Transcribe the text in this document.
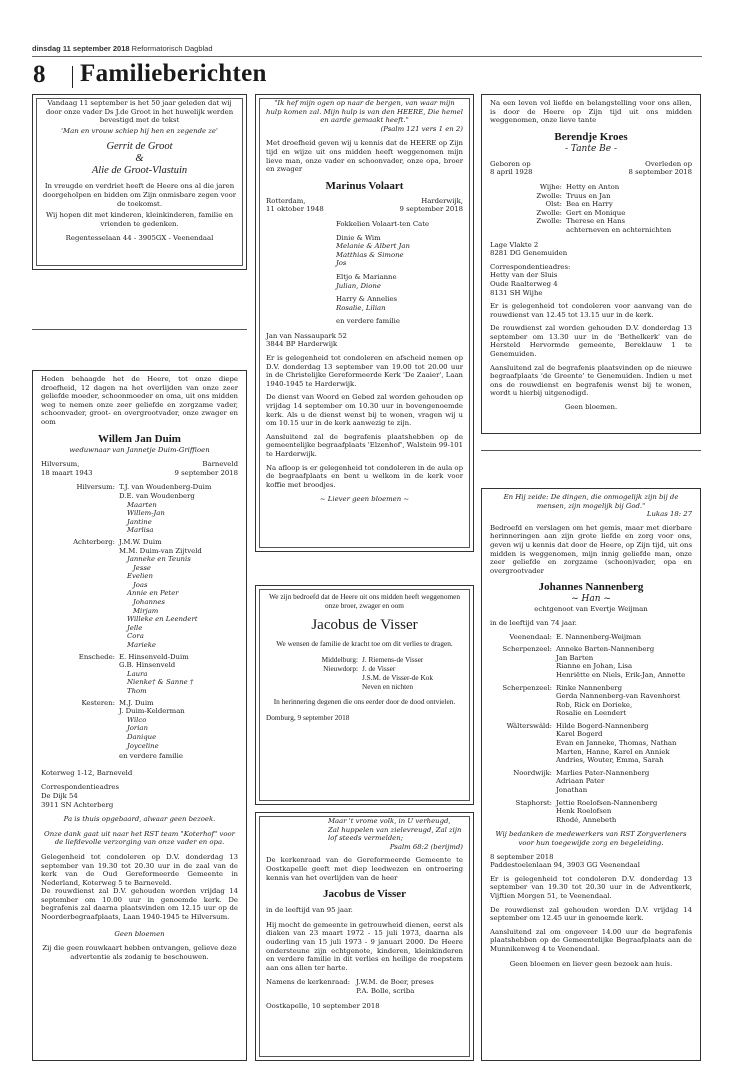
dinsdag 11 september 2018 Reformatorisch Dagblad
8 Familieberichten

Vandaag 11 september is het 50 jaar geleden dat wij door onze vader Ds J.de Groot in het huwelijk werden bevestigd met de tekst

'Man en vrouw schiep hij hen en zegende ze'

Gerrit de Groot

&

Alie de Groot-Vlastuin

In vreugde en verdriet heeft de Heere ons al die jaren doorgeholpen en bidden om Zijn onmisbare zegen voor de toekomst.

Wij hopen dit met kinderen, kleinkinderen, familie en vrienden te gedenken.

Regentesselaan 44 - 3905GX - Veenendaal

Heden behaagde het de Heere, tot onze diepe droefheid, 12 dagen na het overlijden van onze zeer geliefde moeder, schoonmoeder en oma, uit ons midden weg te nemen onze zeer geliefde en zorgzame vader, schoonvader, groot- en overgrootvader, onze zwager en oom

Willem Jan Duim

weduwnaar van Jannetje Duim-Griffioen

Hilversum,

18 maart 1943

Barneveld

9 september 2018

Hilversum: T.J. van Woudenberg-Duim

D.E. van Woudenberg

Maarten

Willem-Jan

Jantine

Marlisa

Achterberg: J.M.W. Duim

M.M. Duim-van Zijtveld

Janneke en Teunis

Jesse

Evelien

Joas

Annie en Peter

Johannes

Mirjam

Willeke en Leendert

Jelle

Cora

Marieke

Enschede: E. Hinsenveld-Duim

G.B. Hinsenveld

Laura

Nienke† & Sanne †

Thom

Kesteren: M.J. Duim

J. Duim-Kelderman

Wilco

Jorian

Danique

Joyceline

en verdere familie

Koterweg 1-12, Barneveld

Correspondentieadres

De Dijk 54

3911 SN Achterberg

Pa is thuis opgebaard, alwaar geen bezoek.

Onze dank gaat uit naar het RST team "Koterhof" voor de liefdevolle verzorging van onze vader en opa.

Gelegenheid tot condoleren op D.V. donderdag 13 september van 19.30 tot 20.30 uur in de zaal van de kerk van de Oud Gereformeerde Gemeente in Nederland, Koterweg 5 te Barneveld.

De rouwdienst zal D.V. gehouden worden vrijdag 14 september om 10.00 uur in genoemde kerk. De begrafenis zal daarna plaatsvinden om 12.15 uur op de Noorderbegraafplaats, Laan 1940-1945 te Hilversum.

Geen bloemen

Zij die geen rouwkaart hebben ontvangen, gelieve deze advertentie als zodanig te beschouwen.

"Ik hef mijn ogen op naar de bergen, van waar mijn hulp komen zal. Mijn hulp is van den HEERE, Die hemel en aarde gemaakt heeft."

(Psalm 121 vers 1 en 2)

Met droefheid geven wij u kennis dat de HEERE op Zijn tijd en wijze uit ons midden heeft weggenomen mijn lieve man, onze vader en schoonvader, onze opa, broer en zwager

Marinus Volaart

Rotterdam,

11 oktober 1948

Harderwijk,

9 september 2018

Fokkelien Volaart-ten Cate

Dinie & Wim

Melanie & Albert Jan

Matthias & Simone

Jos

Eltjo & Marianne

Julian, Dione

Harry & Annelies

Rosalie, Lilian

en verdere familie

Jan van Nassaupark 52

3844 BP Harderwijk

Er is gelegenheid tot condoleren en afscheid nemen op D.V. donderdag 13 september van 19.00 tot 20.00 uur in de Christelijke Gereformeerde Kerk 'De Zaaier', Laan 1940-1945 te Harderwijk.

De dienst van Woord en Gebed zal worden gehouden op vrijdag 14 september om 10.30 uur in bovengenoemde kerk. Als u de dienst wenst bij te wonen, vragen wij u om 10.15 uur in de kerk aanwezig te zijn.

Aansluitend zal de begrafenis plaatshebben op de gemeentelijke begraafplaats 'Elzenhof', Walstein 99-101 te Harderwijk.

Na afloop is er gelegenheid tot condoleren in de aula op de begraafplaats en bent u welkom in de kerk voor koffie met broodjes.

~ Liever geen bloemen ~

We zijn bedroefd dat de Heere uit ons midden heeft weggenomen onze broer, zwager en oom

Jacobus de Visser

We wensen de familie de kracht toe om dit verlies te dragen.

Middelburg: J. Riemens-de Visser
Nieuwdorp: J. de Visser
J.S.M. de Visser-de Kok
Neven en nichten

In herinnering degenen die ons eerder door de dood ontvielen.

Domburg, 9 september 2018

Maar 't vrome volk, in U verheugd, Zal huppelen van zielevreugd, Zal zijn lof steeds vermelden;

Psalm 68:2 (berijmd)

De kerkenraad van de Gereformeerde Gemeente te Oostkapelle geeft met diep leedwezen en ontroering kennis van het overlijden van de heer

Jacobus de Visser

in de leeftijd van 95 jaar.

Hij mocht de gemeente in getrouwheid dienen, eerst als diaken van 23 maart 1972 - 15 juli 1973, daarna als ouderling van 15 juli 1973 - 9 januari 2000. De Heere ondersteune zijn echtgenote, kinderen, kleinkinderen en verdere familie in dit verlies en heilige de roepstem aan ons allen ter harte.

Namens de kerkenraad: J.W.M. de Boer, preses

P.A. Bolle, scriba

Oostkapelle, 10 september 2018

Na een leven vol liefde en belangstelling voor ons allen, is door de Heere op Zijn tijd uit ons midden weggenomen, onze lieve tante

Berendje Kroes

- Tante Be -

Geboren op

8 april 1928

Overleden op

8 september 2018

Wijhe: Hetty en Anton
Zwolle: Truus en Jan
Olst: Bea en Harry
Zwolle: Gert en Monique
Zwolle: Therese en Hans
achterneven en achternichten

Lage Vlakte 2

8281 DG Genemuiden

Correspondentieadres:

Hetty van der Sluis

Oude Raalterweg 4

8131 SH Wijhe

Er is gelegenheid tot condoleren voor aanvang van de rouwdienst van 12.45 tot 13.15 uur in de kerk.

De rouwdienst zal worden gehouden D.V. donderdag 13 september om 13.30 uur in de 'Bethelkerk' van de Hersteld Hervormde gemeente, Bereklauw 1 te Genemuiden.

Aansluitend zal de begrafenis plaatsvinden op de nieuwe begraafplaats 'de Greente' te Genemuiden. Indien u met ons de rouwdienst en begrafenis wenst bij te wonen, wordt u hierbij uitgenodigd.

Geen bloemen.

En Hij zeide: De dingen, die onmogelijk zijn bij de mensen, zijn mogelijk bij God."

Lukas 18: 27

Bedroefd en verslagen om het gemis, maar met dierbare herinneringen aan zijn grote liefde en zorg voor ons, geven wij u kennis dat door de Heere, op Zijn tijd, uit ons midden is weggenomen, mijn innig geliefde man, onze zeer geliefde en zorgzame (schoon)vader, opa en overgrootvader

Johannes Nannenberg

~ Han ~

echtgenoot van Evertje Weijman

in de leeftijd van 74 jaar.

Veenendaal: E. Nannenberg-Weijman

Scherpenzeel: Anneke Barten-Nannenberg

Jan Barten

Rianne en Johan, Lisa

Henriëtte en Niels, Erik-Jan, Annette

Scherpenzeel: Rinke Nannenberg

Gerda Nannenberg-van Ravenhorst

Rob, Rick en Dorieke,

Rosalie en Leendert

Wâlterswâld: Hilde Bogerd-Nannenberg

Karel Bogerd

Evan en Janneke, Thomas, Nathan

Marten, Hanne, Karel en Anniek

Andries, Wouter, Emma, Sarah

Noordwijk: Marlies Pater-Nannenberg

Adriaan Pater

Jonathan

Staphorst: Jettie Roelofsen-Nannenberg

Henk Roelofsen

Rhodé, Annebeth

Wij bedanken de medewerkers van RST Zorgverleners voor hun toegewijde zorg en begeleiding.

8 september 2018

Paddestoelenlaan 94, 3903 GG Veenendaal

Er is gelegenheid tot condoleren D.V. donderdag 13 september van 19.30 tot 20.30 uur in de Adventkerk, Vijftien Morgen 51, te Veenendaal.

De rouwdienst zal gehouden worden D.V. vrijdag 14 september om 12.45 uur in genoemde kerk.

Aansluitend zal om ongeveer 14.00 uur de begrafenis plaatshebben op de Gemeentelijke Begraafplaats aan de Munnikenweg 4 te Veenendaal.

Geen bloemen en liever geen bezoek aan huis.
